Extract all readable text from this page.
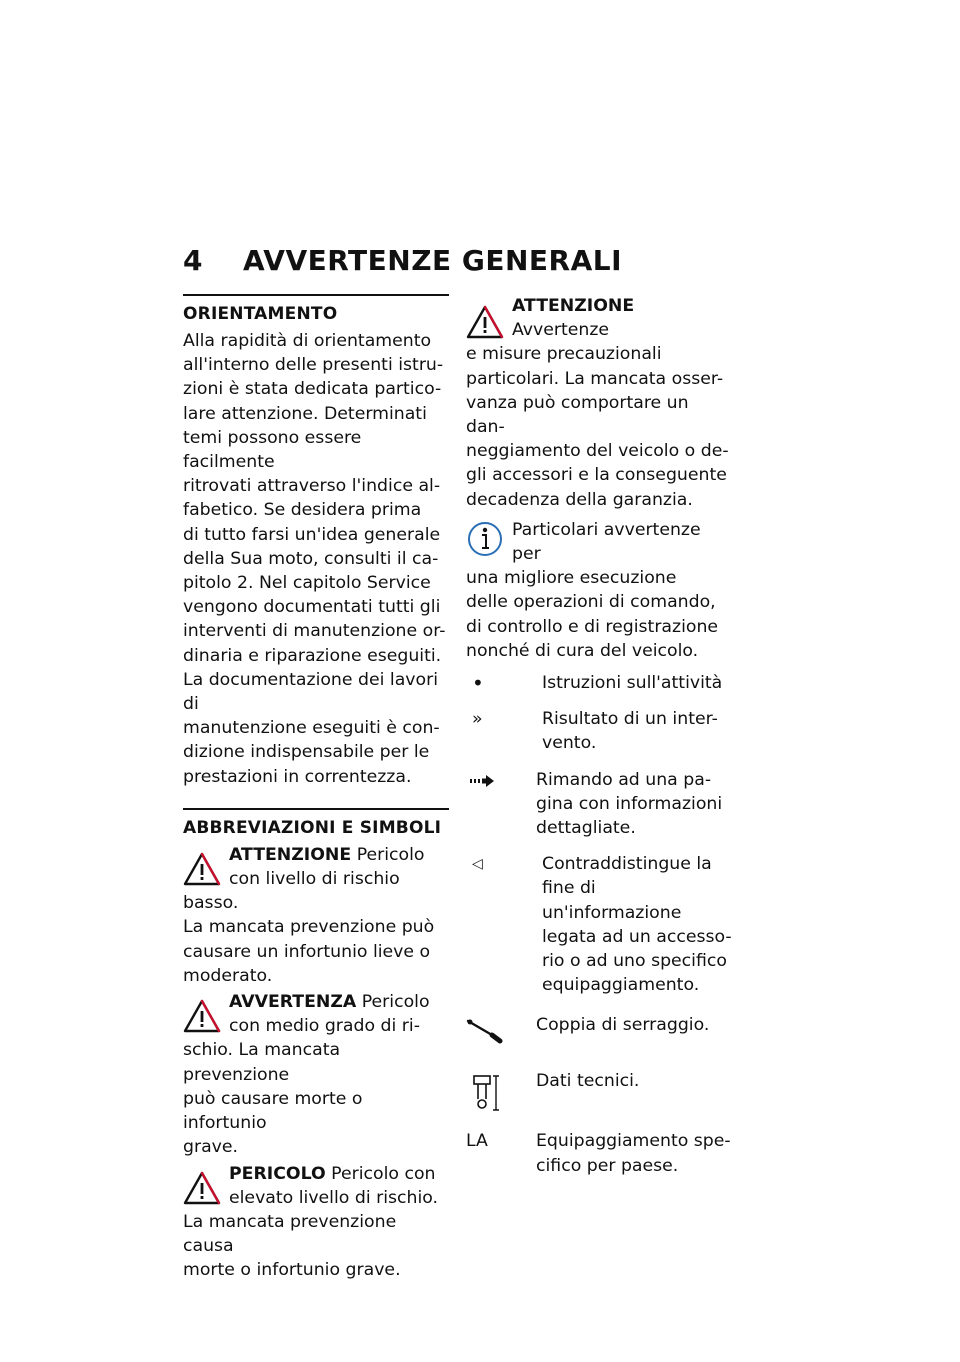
4 AVVERTENZE GENERALI
ORIENTAMENTO

Alla rapidità di orientamento
all'interno delle presenti istru-
zioni è stata dedicata partico-
lare attenzione. Determinati
temi possono essere facilmente
ritrovati attraverso l'indice al-
fabetico. Se desidera prima
di tutto farsi un'idea generale
della Sua moto, consulti il ca-
pitolo 2. Nel capitolo Service
vengono documentati tutti gli
interventi di manutenzione or-
dinaria e riparazione eseguiti.
La documentazione dei lavori di
manutenzione eseguiti è con-
dizione indispensabile per le
prestazioni in correntezza.

ABBREVIAZIONI E SIMBOLI

ATTENZIONE Pericolo
con livello di rischio basso.
La mancata prevenzione può
causare un infortunio lieve o
moderato.

AVVERTENZA Pericolo
con medio grado di ri-
schio. La mancata prevenzione
può causare morte o infortunio
grave.

PERICOLO Pericolo con
elevato livello di rischio.
La mancata prevenzione causa
morte o infortunio grave.

ATTENZIONE Avvertenze
e misure precauzionali
particolari. La mancata osser-
vanza può comportare un dan-
neggiamento del veicolo o de-
gli accessori e la conseguente
decadenza della garanzia.

Particolari avvertenze per
una migliore esecuzione
delle operazioni di comando,
di controllo e di registrazione
nonché di cura del veicolo.

•	Istruzioni sull'attività
»	Risultato di un inter-
vento.
Rimando ad una pa-
gina con informazioni
dettagliate.
◁	Contraddistingue la
fine di un'informazione
legata ad un accesso-
rio o ad uno specifico
equipaggiamento.
Coppia di serraggio.
Dati tecnici.
LA	Equipaggiamento spe-
cifico per paese.
